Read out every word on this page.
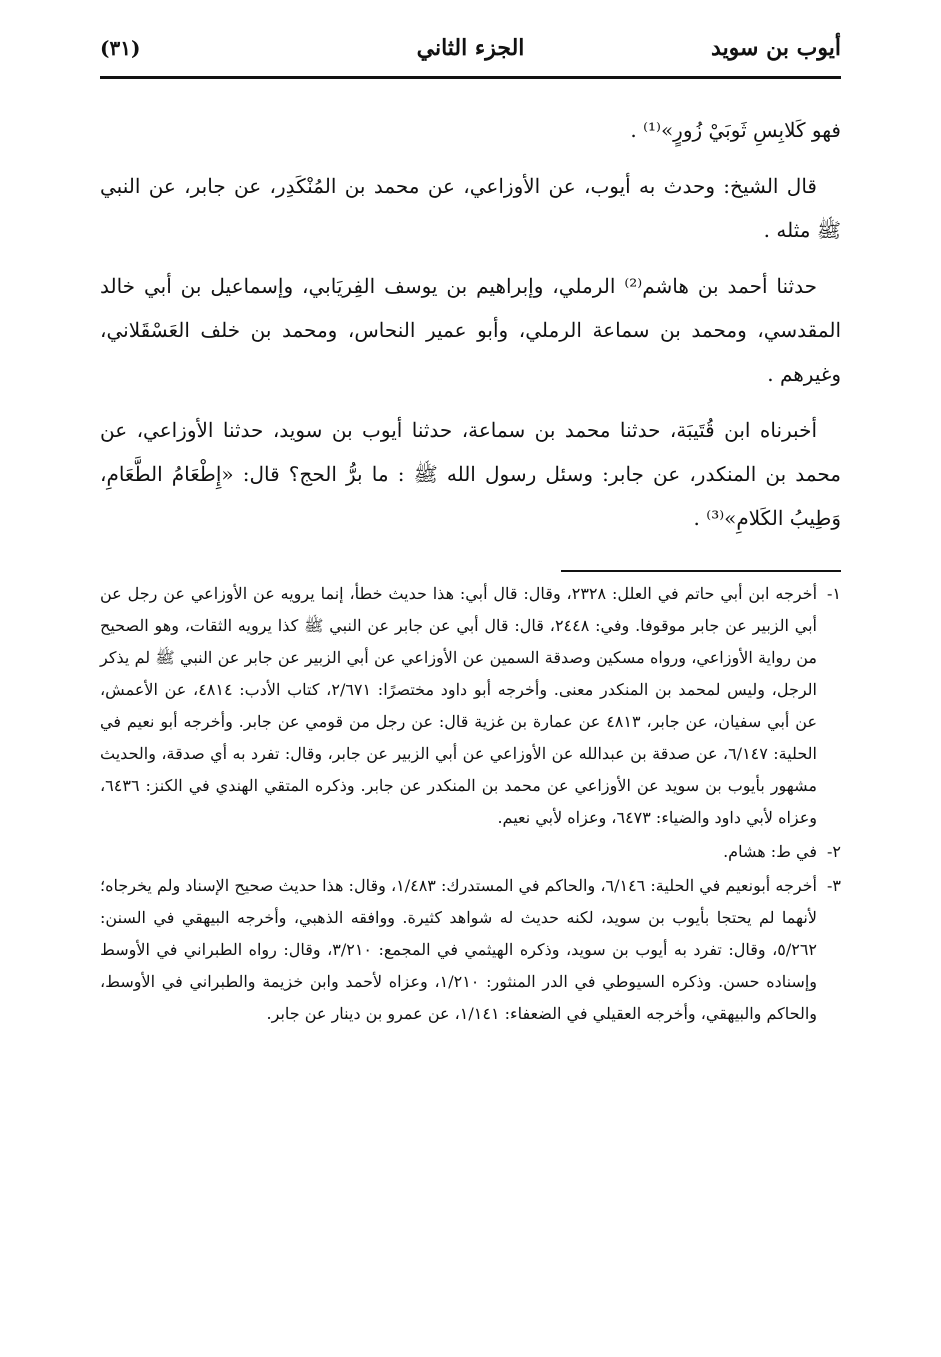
أيوب بن سويد
الجزء الثاني
(٣١)

فهو كَلابِسِ ثَوبَيْ زُورٍ»⁽¹⁾ .

قال الشيخ: وحدث به أيوب، عن الأوزاعي، عن محمد بن المُنْكَدِر، عن جابر، عن النبي ﷺ مثله .

حدثنا أحمد بن هاشم⁽²⁾ الرملي، وإبراهيم بن يوسف الفِريَابي، وإسماعيل بن أبي خالد المقدسي، ومحمد بن سماعة الرملي، وأبو عمير النحاس، ومحمد بن خلف العَسْقَلاني، وغيرهم .

أخبرناه ابن قُتَيبَة، حدثنا محمد بن سماعة، حدثنا أيوب بن سويد، حدثنا الأوزاعي، عن محمد بن المنكدر، عن جابر: وسئل رسول الله ﷺ : ما برُّ الحج؟ قال: «إِطْعَامُ الطَّعَامِ، وَطِيبُ الكَلامِ»⁽³⁾ .

١-
أخرجه ابن أبي حاتم في العلل: ٢٣٢٨، وقال: قال أبي: هذا حديث خطأ، إنما يرويه عن الأوزاعي عن رجل عن أبي الزبير عن جابر موقوفا. وفي: ٢٤٤٨، قال: قال أبي عن جابر عن النبي ﷺ كذا يرويه الثقات، وهو الصحيح من رواية الأوزاعي، ورواه مسكين وصدقة السمين عن الأوزاعي عن أبي الزبير عن جابر عن النبي ﷺ لم يذكر الرجل، وليس لمحمد بن المنكدر معنى. وأخرجه أبو داود مختصرًا: ٢/٦٧١، كتاب الأدب: ٤٨١٤، عن الأعمش، عن أبي سفيان، عن جابر، ٤٨١٣ عن عمارة بن غزية قال: عن رجل من قومي عن جابر. وأخرجه أبو نعيم في الحلية: ٦/١٤٧، عن صدقة بن عبدالله عن الأوزاعي عن أبي الزبير عن جابر، وقال: تفرد به أي صدقة، والحديث مشهور بأيوب بن سويد عن الأوزاعي عن محمد بن المنكدر عن جابر. وذكره المتقي الهندي في الكنز: ٦٤٣٦، وعزاه لأبي داود والضياء: ٦٤٧٣، وعزاه لأبي نعيم.
٢-
في ط: هشام.
٣-
أخرجه أبونعيم في الحلية: ٦/١٤٦، والحاكم في المستدرك: ١/٤٨٣، وقال: هذا حديث صحيح الإسناد ولم يخرجاه؛ لأنهما لم يحتجا بأيوب بن سويد، لكنه حديث له شواهد كثيرة. ووافقه الذهبي، وأخرجه البيهقي في السنن: ٥/٢٦٢، وقال: تفرد به أيوب بن سويد، وذكره الهيثمي في المجمع: ٣/٢١٠، وقال: رواه الطبراني في الأوسط وإسناده حسن. وذكره السيوطي في الدر المنثور: ١/٢١٠، وعزاه لأحمد وابن خزيمة والطبراني في الأوسط، والحاكم والبيهقي، وأخرجه العقيلي في الضعفاء: ١/١٤١، عن عمرو بن دينار عن جابر.
